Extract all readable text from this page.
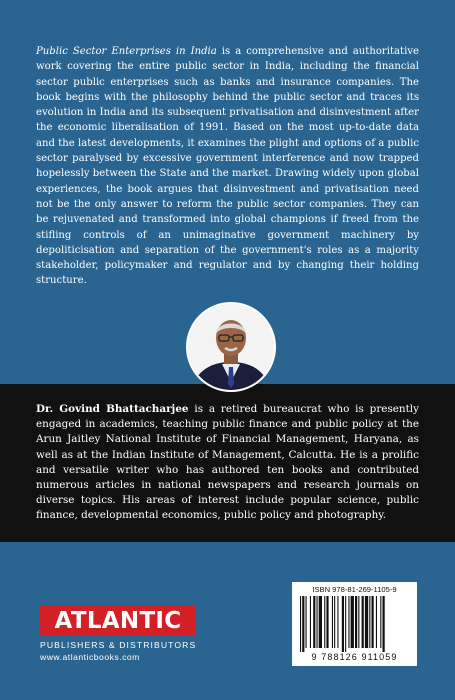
Public Sector Enterprises in India is a comprehensive and authoritative work covering the entire public sector in India, including the financial sector public enterprises such as banks and insurance companies. The book begins with the philosophy behind the public sector and traces its evolution in India and its subsequent privatisation and disinvestment after the economic liberalisation of 1991. Based on the most up-to-date data and the latest developments, it examines the plight and options of a public sector paralysed by excessive government interference and now trapped hopelessly between the State and the market. Drawing widely upon global experiences, the book argues that disinvestment and privatisation need not be the only answer to reform the public sector companies. They can be rejuvenated and transformed into global champions if freed from the stifling controls of an unimaginative government machinery by depoliticisation and separation of the government's roles as a majority stakeholder, policymaker and regulator and by changing their holding structure.

Dr. Govind Bhattacharjee is a retired bureaucrat who is presently engaged in academics, teaching public finance and public policy at the Arun Jaitley National Institute of Financial Management, Haryana, as well as at the Indian Institute of Management, Calcutta. He is a prolific and versatile writer who has authored ten books and contributed numerous articles in national newspapers and research journals on diverse topics. His areas of interest include popular science, public finance, developmental economics, public policy and photography.

ATLANTIC
PUBLISHERS & DISTRIBUTORS
www.atlanticbooks.com
ISBN 978-81-269-1105-9
9 788126 911059
